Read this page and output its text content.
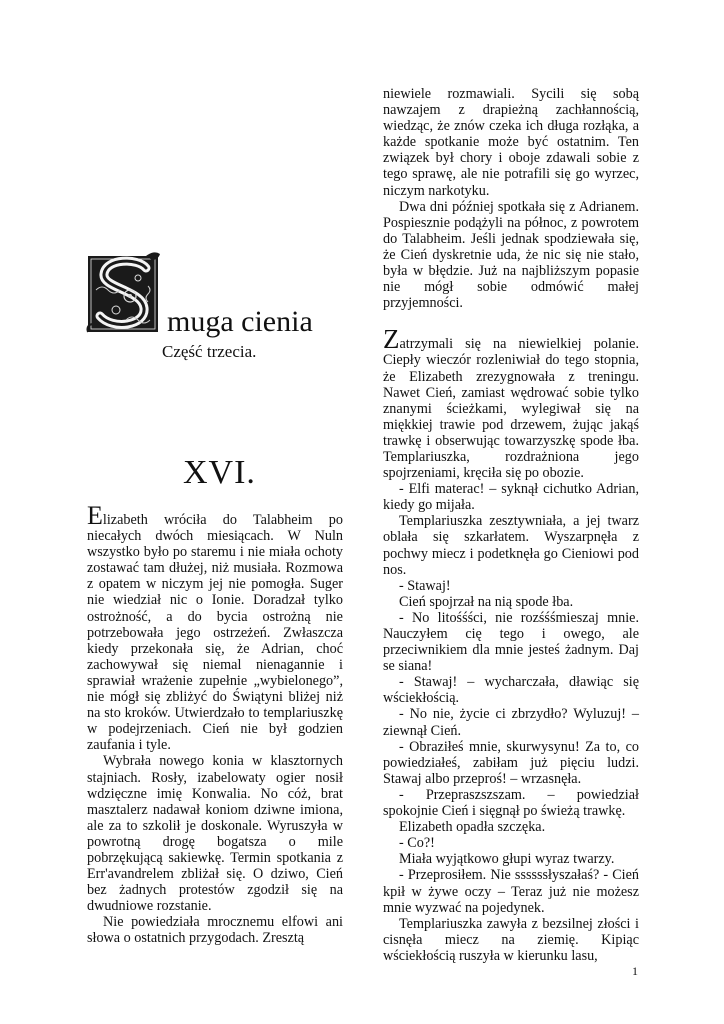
muga cienia
Część trzecia.
XVI.

Elizabeth wróciła do Talabheim po niecałych dwóch miesiącach. W Nuln wszystko było po staremu i nie miała ochoty zostawać tam dłużej, niż musiała. Rozmowa z opatem w niczym jej nie pomogła. Suger nie wiedział nic o Ionie. Doradzał tylko ostrożność, a do bycia ostrożną nie potrzebowała jego ostrzeżeń. Zwłaszcza kiedy przekonała się, że Adrian, choć zachowywał się niemal nienagannie i sprawiał wrażenie zupełnie „wybielonego”, nie mógł się zbliżyć do Świątyni bliżej niż na sto kroków. Utwierdzało to templariuszkę w podejrzeniach. Cień nie był godzien zaufania i tyle.

Wybrała nowego konia w klasztornych stajniach. Rosły, izabelowaty ogier nosił wdzięczne imię Konwalia. No cóż, brat masztalerz nadawał koniom dziwne imiona, ale za to szkolił je doskonale. Wyruszyła w powrotną drogę bogatsza o mile pobrzękującą sakiewkę. Termin spotkania z Err'avandrelem zbliżał się. O dziwo, Cień bez żadnych protestów zgodził się na dwudniowe rozstanie.

Nie powiedziała mrocznemu elfowi ani słowa o ostatnich przygodach. Zresztą

niewiele rozmawiali. Sycili się sobą nawzajem z drapieżną zachłannością, wiedząc, że znów czeka ich długa rozłąka, a każde spotkanie może być ostatnim. Ten związek był chory i oboje zdawali sobie z tego sprawę, ale nie potrafili się go wyrzec, niczym narkotyku.

Dwa dni później spotkała się z Adrianem. Pospiesznie podążyli na północ, z powrotem do Talabheim. Jeśli jednak spodziewała się, że Cień dyskretnie uda, że nic się nie stało, była w błędzie. Już na najbliższym popasie nie mógł sobie odmówić małej przyjemności.

Zatrzymali się na niewielkiej polanie. Ciepły wieczór rozleniwiał do tego stopnia, że Elizabeth zrezygnowała z treningu. Nawet Cień, zamiast wędrować sobie tylko znanymi ścieżkami, wylegiwał się na miękkiej trawie pod drzewem, żując jakąś trawkę i obserwując towarzyszkę spode łba. Templariuszka, rozdrażniona jego spojrzeniami, kręciła się po obozie.

- Elfi materac! – syknął cichutko Adrian, kiedy go mijała.

Templariuszka zesztywniała, a jej twarz oblała się szkarłatem. Wyszarpnęła z pochwy miecz i podetknęła go Cieniowi pod nos.

- Stawaj!

Cień spojrzał na nią spode łba.

- No litośśści, nie rozśśśmieszaj mnie. Nauczyłem cię tego i owego, ale przeciwnikiem dla mnie jesteś żadnym. Daj se siana!

- Stawaj! – wycharczała, dławiąc się wściekłością.

- No nie, życie ci zbrzydło? Wyluzuj! – ziewnął Cień.

- Obraziłeś mnie, skurwysynu! Za to, co powiedziałeś, zabiłam już pięciu ludzi. Stawaj albo przeproś! – wrzasnęła.

- Przepraszszszam. – powiedział spokojnie Cień i sięgnął po świeżą trawkę.

Elizabeth opadła szczęka.

- Co?!

Miała wyjątkowo głupi wyraz twarzy.

- Przeprosiłem. Nie ssssssłyszałaś? - Cień kpił w żywe oczy – Teraz już nie możesz mnie wyzwać na pojedynek.

Templariuszka zawyła z bezsilnej złości i cisnęła miecz na ziemię. Kipiąc wściekłością ruszyła w kierunku lasu,

1
